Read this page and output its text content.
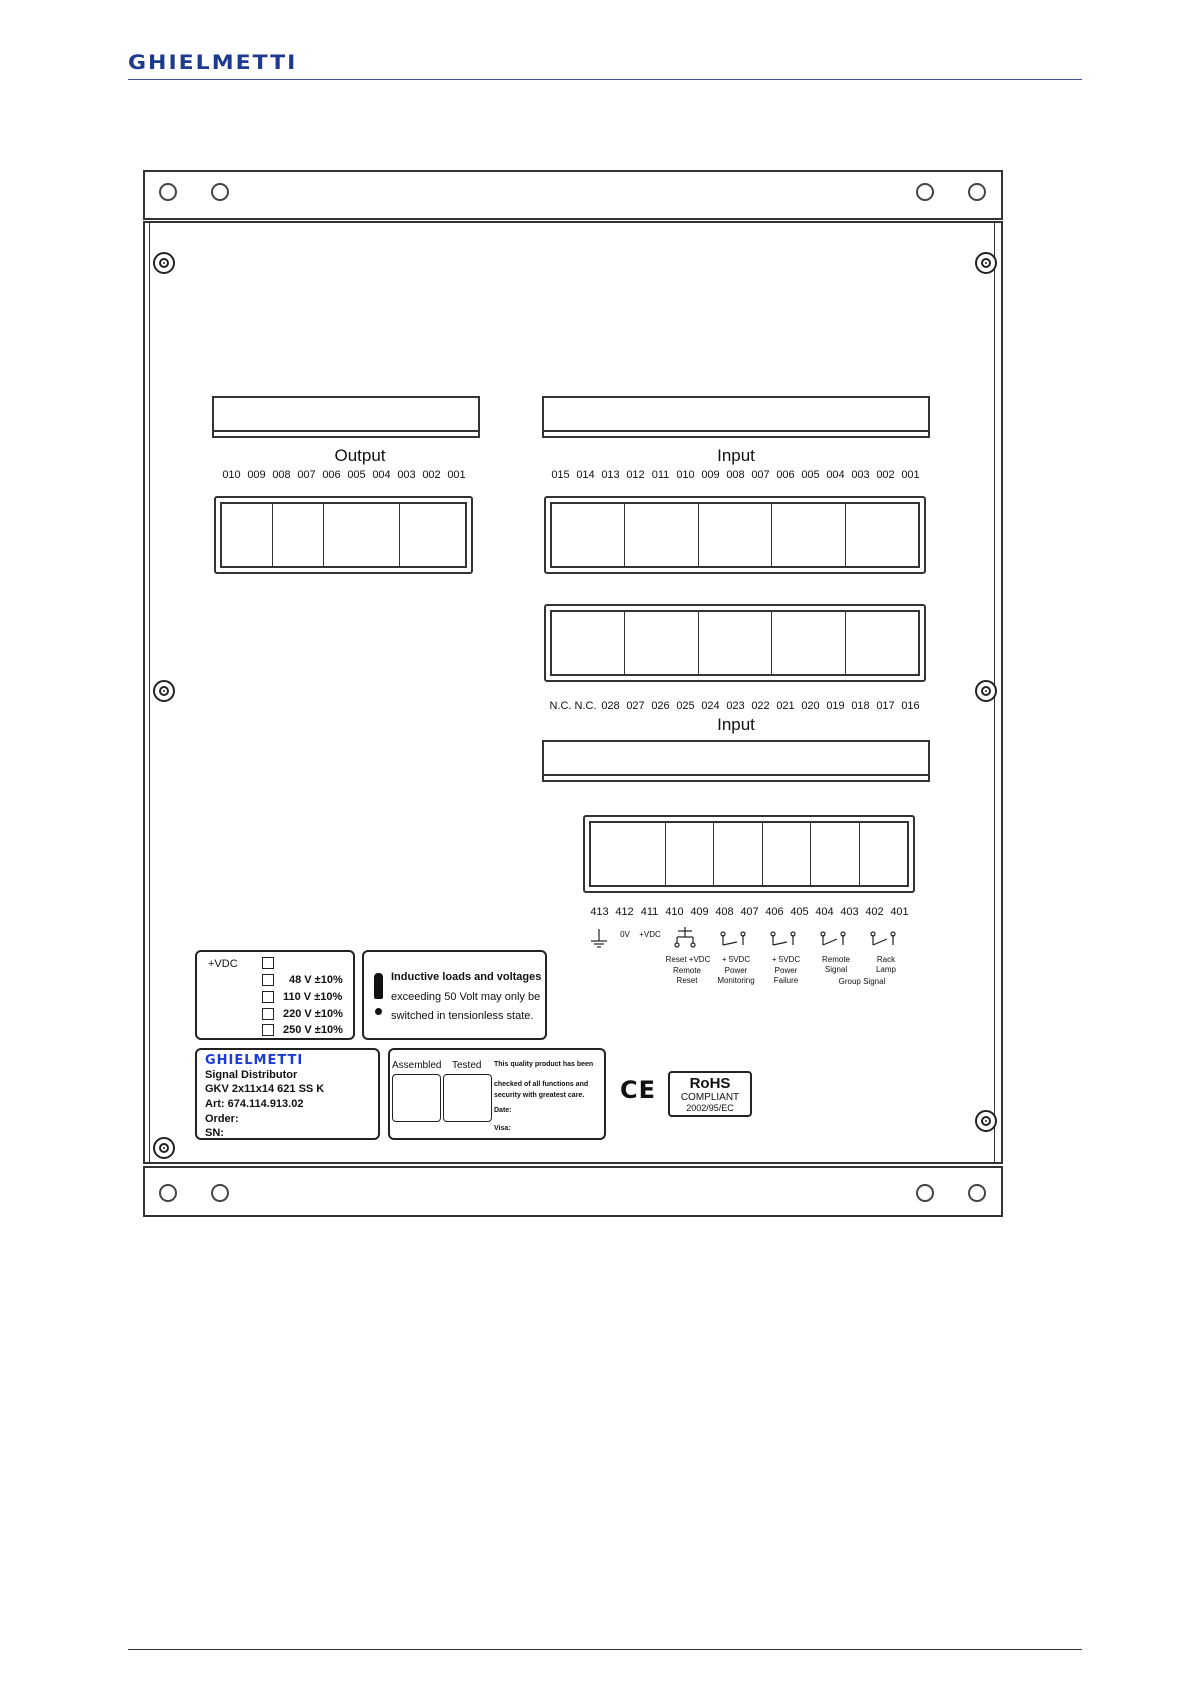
GHIELMETTI
Output
010 009 008 007 006 005 004 003 002 001
Input
015 014 013 012 011 010 009 008 007 006 005 004 003 002 001
N.C. N.C. 028 027 026 025 024 023 022 021 020 019 018 017 016
Input
413 412 411 410 409 408 407 406 405 404 403 402 401
0V	+VDC
Reset +VDC
Remote
Reset
+ 5VDC
Power
Monitoring
+ 5VDC
Power
Failure
Remote
Signal
Rack
Lamp
Group Signal
+VDC
48 V ±10%
110 V ±10%
220 V ±10%
250 V ±10%
Inductive loads and voltages
exceeding 50 Volt may only be
switched in tensionless state.
GHIELMETTI
Signal Distributor
GKV 2x11x14 621 SS K
Art: 674.114.913.02
Order:
SN:
Assembled Tested This quality product has been
checked of all functions and security with greatest care.
Date:
Visa:
CE	RoHS
COMPLIANT
2002/95/EC
